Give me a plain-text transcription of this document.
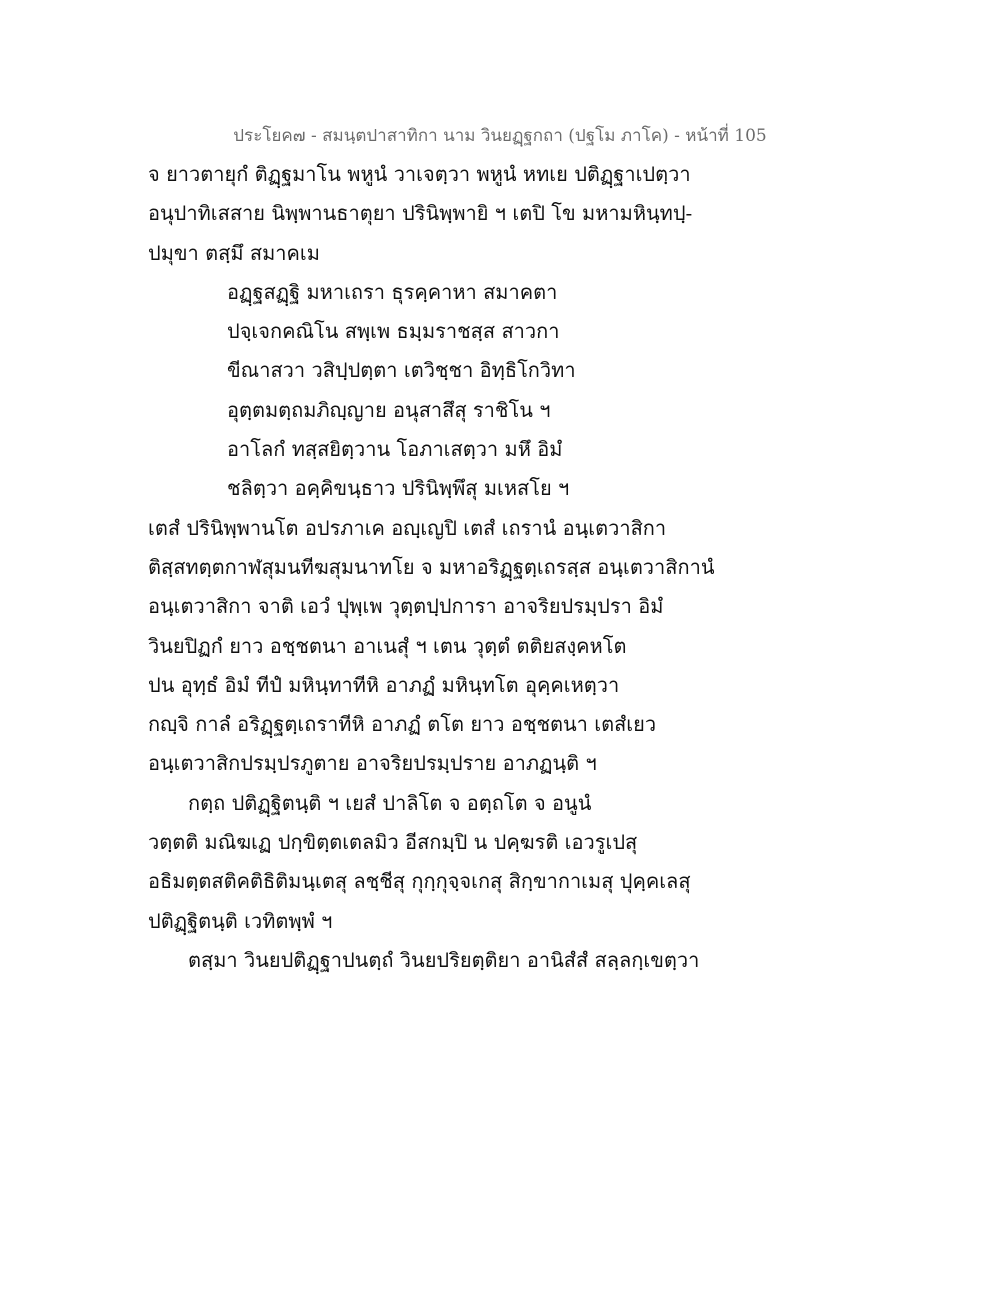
ประโยค๗ - สมนฺตปาสาทิกา นาม วินยฏฺฐกถา (ปฐโม ภาโค) - หน้าที่ 105
จ ยาวตายุกํ ติฏฺฐมาโน พหูนํ วาเจตฺวา พหูนํ หทเย ปติฏฺฐาเปตฺวา
อนุปาทิเสสาย นิพฺพานธาตุยา ปรินิพฺพายิ ฯ เตปิ โข มหามหินฺทปฺ-
ปมุขา ตสฺมึ สมาคเม
อฏฺฐสฏฺฐิ มหาเถรา ธุรคฺคาหา สมาคตา
ปจฺเจกคณิโน สพฺเพ ธมฺมราชสฺส สาวกา
ขีณาสวา วสิปฺปตฺตา เตวิชฺชา อิทฺธิโกวิทา
อุตฺตมตฺถมภิญฺญาย อนุสาสึสุ ราชิโน ฯ
อาโลกํ ทสฺสยิตฺวาน โอภาเสตฺวา มหึ อิมํ
ชลิตฺวา อคฺคิขนฺธาว ปรินิพฺพึสุ มเหสโย ฯ
เตสํ ปรินิพฺพานโต อปรภาเค อญฺเญปิ เตสํ เถรานํ อนฺเตวาสิกา
ติสฺสทตฺตกาฬสุมนทีฆสุมนาทโย จ มหาอริฏฺฐตฺเถรสฺส อนฺเตวาสิกานํ
อนฺเตวาสิกา จาติ เอวํ ปุพฺเพ วุตฺตปฺปการา อาจริยปรมฺปรา อิมํ
วินยปิฏกํ ยาว อชฺชตนา อาเนสุํ ฯ เตน วุตฺตํ ตติยสงฺคหโต
ปน อุทฺธํ อิมํ ทีปํ มหินฺทาทีหิ อาภฏํ มหินฺทโต อุคฺคเหตฺวา
กญฺจิ กาลํ อริฏฺฐตฺเถราทีหิ อาภฏํ ตโต ยาว อชฺชตนา เตสํเยว
อนฺเตวาสิกปรมฺปรภูตาย อาจริยปรมฺปราย อาภฏนฺติ ฯ
กตฺถ ปติฏฺฐิตนฺติ ฯ เยสํ ปาลิโต จ อตฺถโต จ อนูนํ
วตฺตติ มณิฆเฏ ปกฺขิตฺตเตลมิว อีสกมฺปิ น ปคฺฆรติ เอวรูเปสุ
อธิมตฺตสติคติธิติมนฺเตสุ ลชฺชีสุ กุกฺกุจฺจเกสุ สิกฺขากาเมสุ ปุคฺคเลสุ
ปติฏฺฐิตนฺติ เวทิตพฺพํ ฯ
ตสฺมา วินยปติฏฺฐาปนตฺถํ วินยปริยตฺติยา อานิสํสํ สลฺลกฺเขตฺวา
